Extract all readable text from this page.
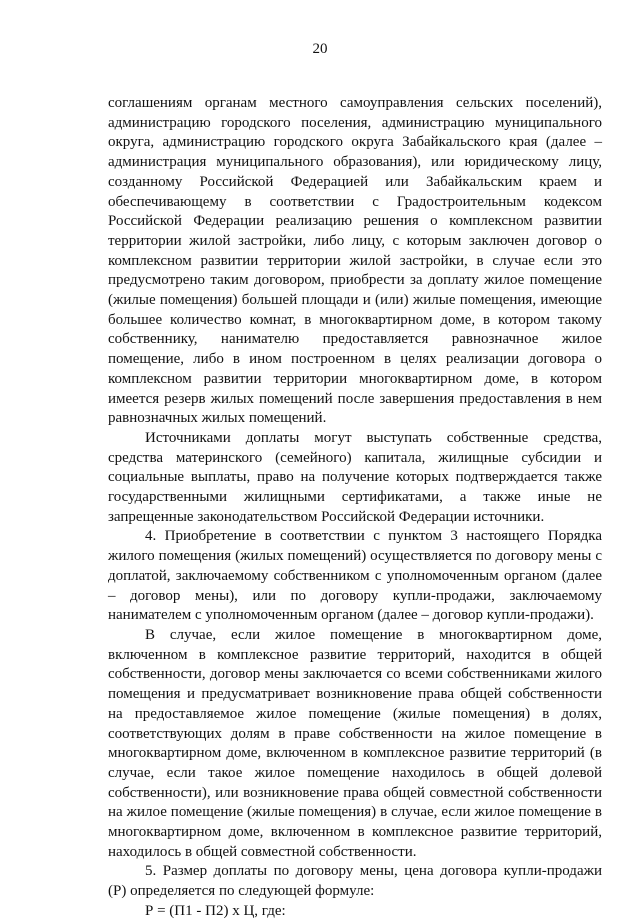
20

соглашениям органам местного самоуправления сельских поселений), администрацию городского поселения, администрацию муниципального округа, администрацию городского округа Забайкальского края (далее – администрация муниципального образования), или юридическому лицу, созданному Российской Федерацией или Забайкальским краем и обеспечивающему в соответствии с Градостроительным кодексом Российской Федерации реализацию решения о комплексном развитии территории жилой застройки, либо лицу, с которым заключен договор о комплексном развитии территории жилой застройки, в случае если это предусмотрено таким договором, приобрести за доплату жилое помещение (жилые помещения) большей площади и (или) жилые помещения, имеющие большее количество комнат, в многоквартирном доме, в котором такому собственнику, нанимателю предоставляется равнозначное жилое помещение, либо в ином построенном в целях реализации договора о комплексном развитии территории многоквартирном доме, в котором имеется резерв жилых помещений после завершения предоставления в нем равнозначных жилых помещений.

Источниками доплаты могут выступать собственные средства, средства материнского (семейного) капитала, жилищные субсидии и социальные выплаты, право на получение которых подтверждается также государственными жилищными сертификатами, а также иные не запрещенные законодательством Российской Федерации источники.

4. Приобретение в соответствии с пунктом 3 настоящего Порядка жилого помещения (жилых помещений) осуществляется по договору мены с доплатой, заключаемому собственником с уполномоченным органом (далее – договор мены), или по договору купли-продажи, заключаемому нанимателем с уполномоченным органом (далее – договор купли-продажи).

В случае, если жилое помещение в многоквартирном доме, включенном в комплексное развитие территорий, находится в общей собственности, договор мены заключается со всеми собственниками жилого помещения и предусматривает возникновение права общей собственности на предоставляемое жилое помещение (жилые помещения) в долях, соответствующих долям в праве собственности на жилое помещение в многоквартирном доме, включенном в комплексное развитие территорий (в случае, если такое жилое помещение находилось в общей долевой собственности), или возникновение права общей совместной собственности на жилое помещение (жилые помещения) в случае, если жилое помещение в многоквартирном доме, включенном в комплексное развитие территорий, находилось в общей совместной собственности.

5. Размер доплаты по договору мены, цена договора купли-продажи (Р) определяется по следующей формуле:

Р = (П1 - П2) х Ц, где:
